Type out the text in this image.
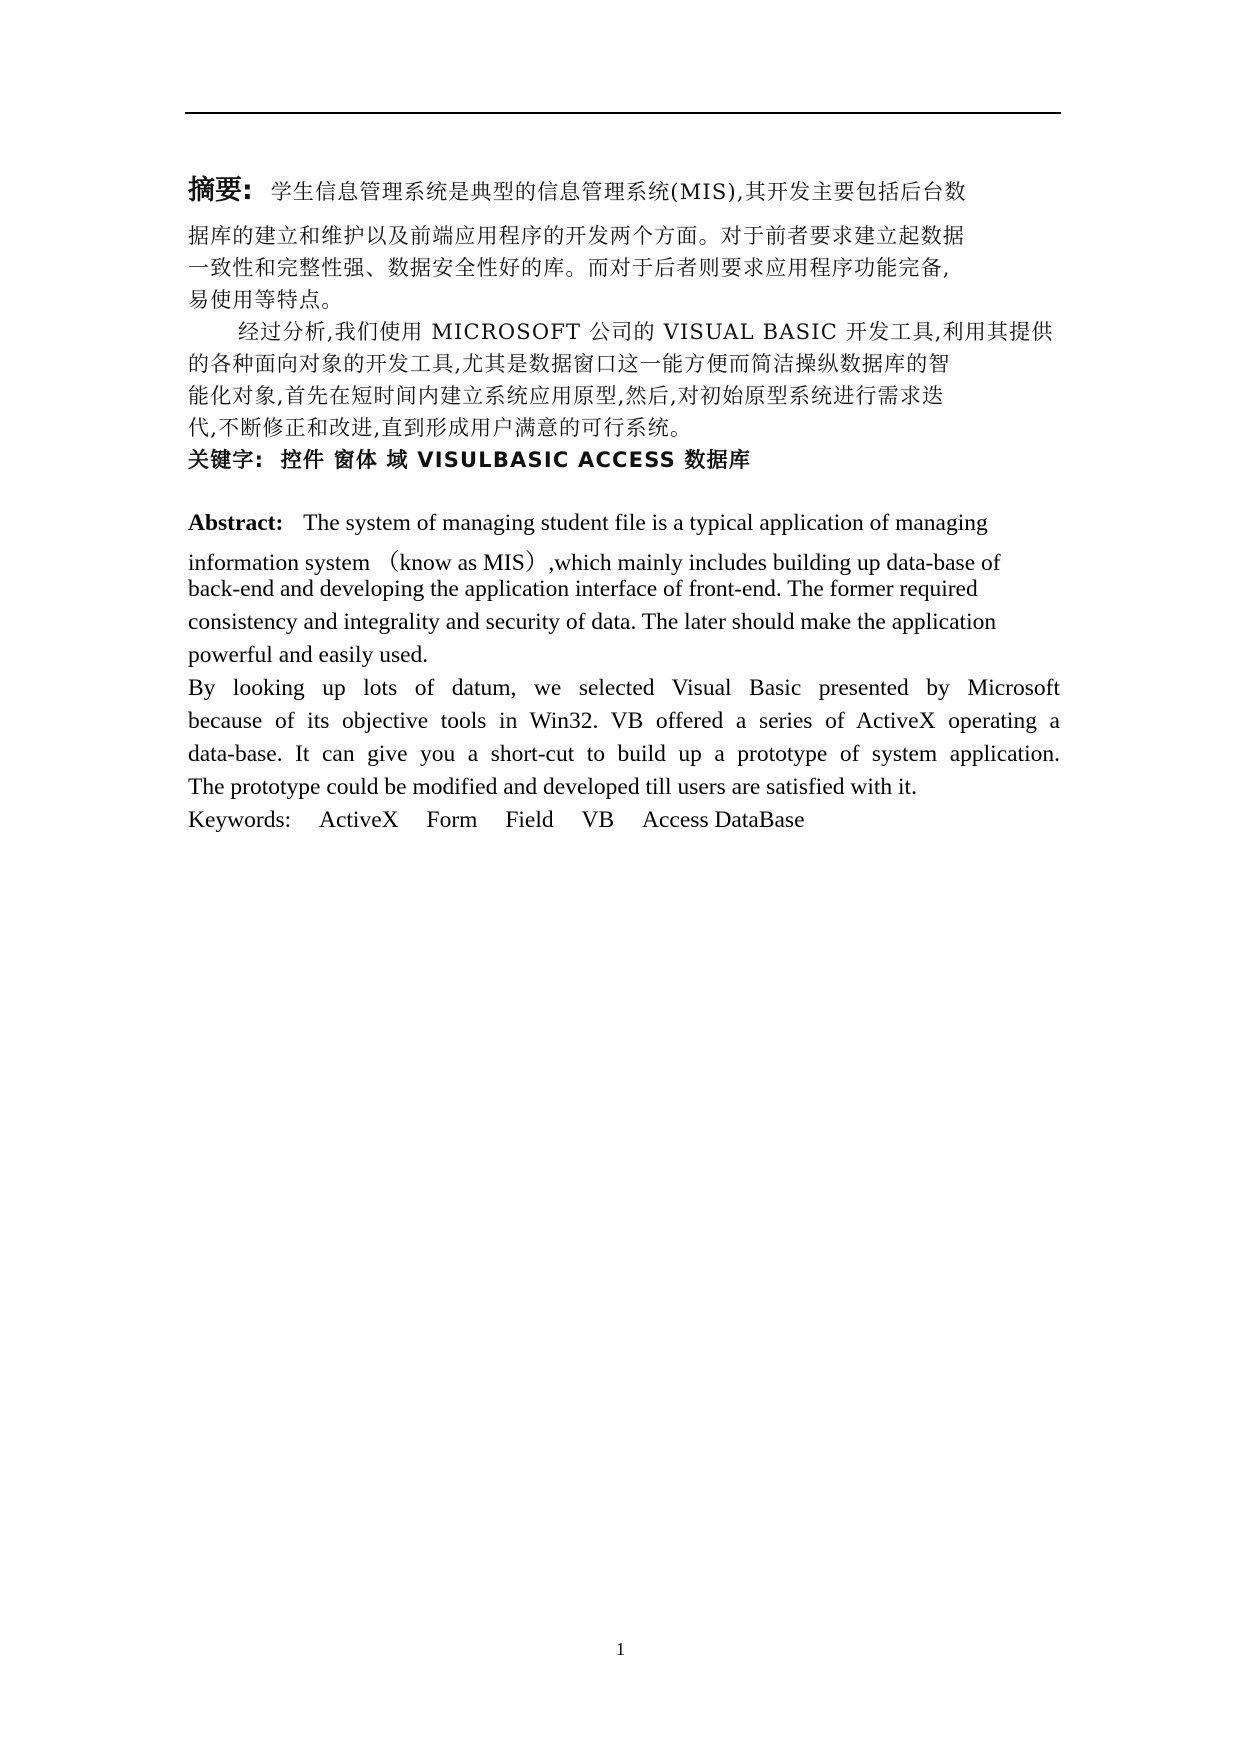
摘要: 学生信息管理系统是典型的信息管理系统(MIS),其开发主要包括后台数
据库的建立和维护以及前端应用程序的开发两个方面。对于前者要求建立起数据
一致性和完整性强、数据安全性好的库。而对于后者则要求应用程序功能完备,
易使用等特点。
经过分析,我们使用 MICROSOFT 公司的 VISUAL BASIC 开发工具,利用其提供
的各种面向对象的开发工具,尤其是数据窗口这一能方便而简洁操纵数据库的智
能化对象,首先在短时间内建立系统应用原型,然后,对初始原型系统进行需求迭
代,不断修正和改进,直到形成用户满意的可行系统。
关键字: 控件 窗体 域 VISULBASIC ACCESS 数据库
Abstract: The system of managing student file is a typical application of managing
information system （know as MIS）,which mainly includes building up data-base of
back-end and developing the application interface of front-end. The former required
consistency and integrality and security of data. The later should make the application
powerful and easily used.
By looking up lots of datum, we selected Visual Basic presented by Microsoft
because of its objective tools in Win32. VB offered a series of ActiveX operating a
data-base. It can give you a short-cut to build up a prototype of system application.
The prototype could be modified and developed till users are satisfied with it.
Keywords: ActiveX Form Field VB Access DataBase
1
